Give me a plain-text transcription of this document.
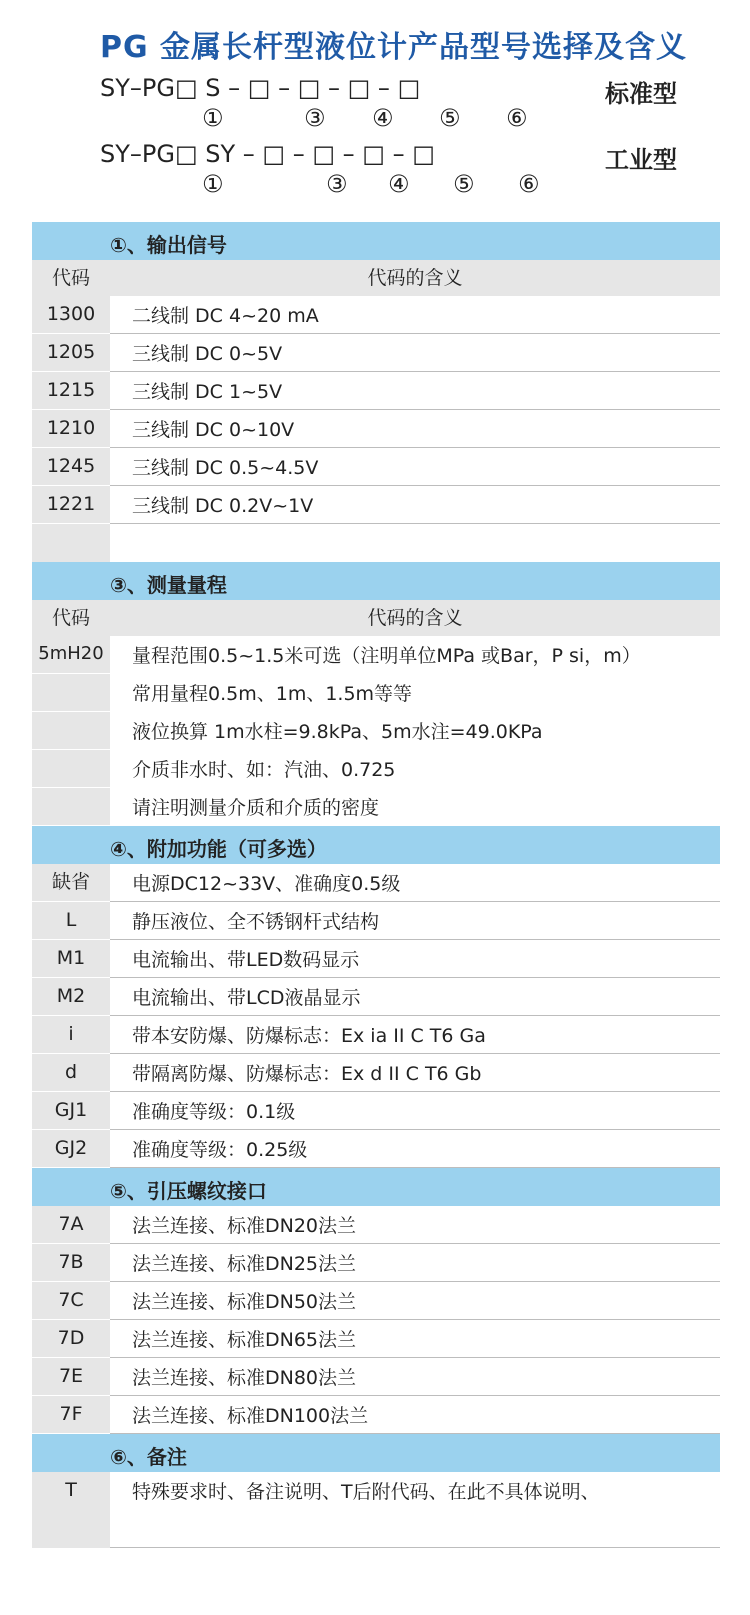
PG 金属长杆型液位计产品型号选择及含义
SY–PG□ S – □ – □ – □ – □	标准型
①	③ ④ ⑤ ⑥
SY–PG□ SY – □ – □ – □ – □	工业型
①	③ ④ ⑤ ⑥
①、输出信号
代码	代码的含义
1300	二线制 DC 4~20 mA
1205	三线制 DC 0~5V
1215	三线制 DC 1~5V
1210	三线制 DC 0~10V
1245	三线制 DC 0.5~4.5V
1221	三线制 DC 0.2V~1V
③、测量量程
代码	代码的含义
5mH20	量程范围0.5~1.5米可选（注明单位MPa 或Bar，P si，m）
常用量程0.5m、1m、1.5m等等
液位换算 1m水柱=9.8kPa、5m水注=49.0KPa
介质非水时、如：汽油、0.725
请注明测量介质和介质的密度
④、附加功能（可多选）
缺省	电源DC12~33V、准确度0.5级
L	静压液位、全不锈钢杆式结构
M1	电流输出、带LED数码显示
M2	电流输出、带LCD液晶显示
i	带本安防爆、防爆标志：Ex ia II C T6 Ga
d	带隔离防爆、防爆标志：Ex d II C T6 Gb
GJ1	准确度等级：0.1级
GJ2	准确度等级：0.25级
⑤、引压螺纹接口
7A	法兰连接、标准DN20法兰
7B	法兰连接、标准DN25法兰
7C	法兰连接、标准DN50法兰
7D	法兰连接、标准DN65法兰
7E	法兰连接、标准DN80法兰
7F	法兰连接、标准DN100法兰
⑥、备注
T	特殊要求时、备注说明、T后附代码、在此不具体说明、
